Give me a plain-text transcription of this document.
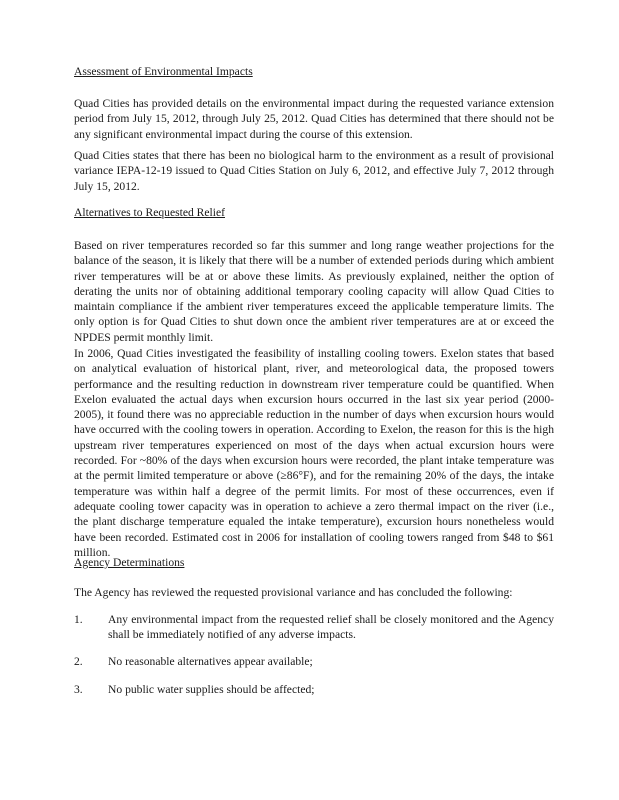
Assessment of Environmental Impacts
Quad Cities has provided details on the environmental impact during the requested variance extension period from July 15, 2012, through July 25, 2012. Quad Cities has determined that there should not be any significant environmental impact during the course of this extension.
Quad Cities states that there has been no biological harm to the environment as a result of provisional variance IEPA-12-19 issued to Quad Cities Station on July 6, 2012, and effective July 7, 2012 through July 15, 2012.
Alternatives to Requested Relief
Based on river temperatures recorded so far this summer and long range weather projections for the balance of the season, it is likely that there will be a number of extended periods during which ambient river temperatures will be at or above these limits. As previously explained, neither the option of derating the units nor of obtaining additional temporary cooling capacity will allow Quad Cities to maintain compliance if the ambient river temperatures exceed the applicable temperature limits. The only option is for Quad Cities to shut down once the ambient river temperatures are at or exceed the NPDES permit monthly limit.
In 2006, Quad Cities investigated the feasibility of installing cooling towers. Exelon states that based on analytical evaluation of historical plant, river, and meteorological data, the proposed towers performance and the resulting reduction in downstream river temperature could be quantified. When Exelon evaluated the actual days when excursion hours occurred in the last six year period (2000-2005), it found there was no appreciable reduction in the number of days when excursion hours would have occurred with the cooling towers in operation. According to Exelon, the reason for this is the high upstream river temperatures experienced on most of the days when actual excursion hours were recorded. For ~80% of the days when excursion hours were recorded, the plant intake temperature was at the permit limited temperature or above (≥86°F), and for the remaining 20% of the days, the intake temperature was within half a degree of the permit limits. For most of these occurrences, even if adequate cooling tower capacity was in operation to achieve a zero thermal impact on the river (i.e., the plant discharge temperature equaled the intake temperature), excursion hours nonetheless would have been recorded. Estimated cost in 2006 for installation of cooling towers ranged from $48 to $61 million.
Agency Determinations
The Agency has reviewed the requested provisional variance and has concluded the following:
1. Any environmental impact from the requested relief shall be closely monitored and the Agency shall be immediately notified of any adverse impacts.
2. No reasonable alternatives appear available;
3. No public water supplies should be affected;
